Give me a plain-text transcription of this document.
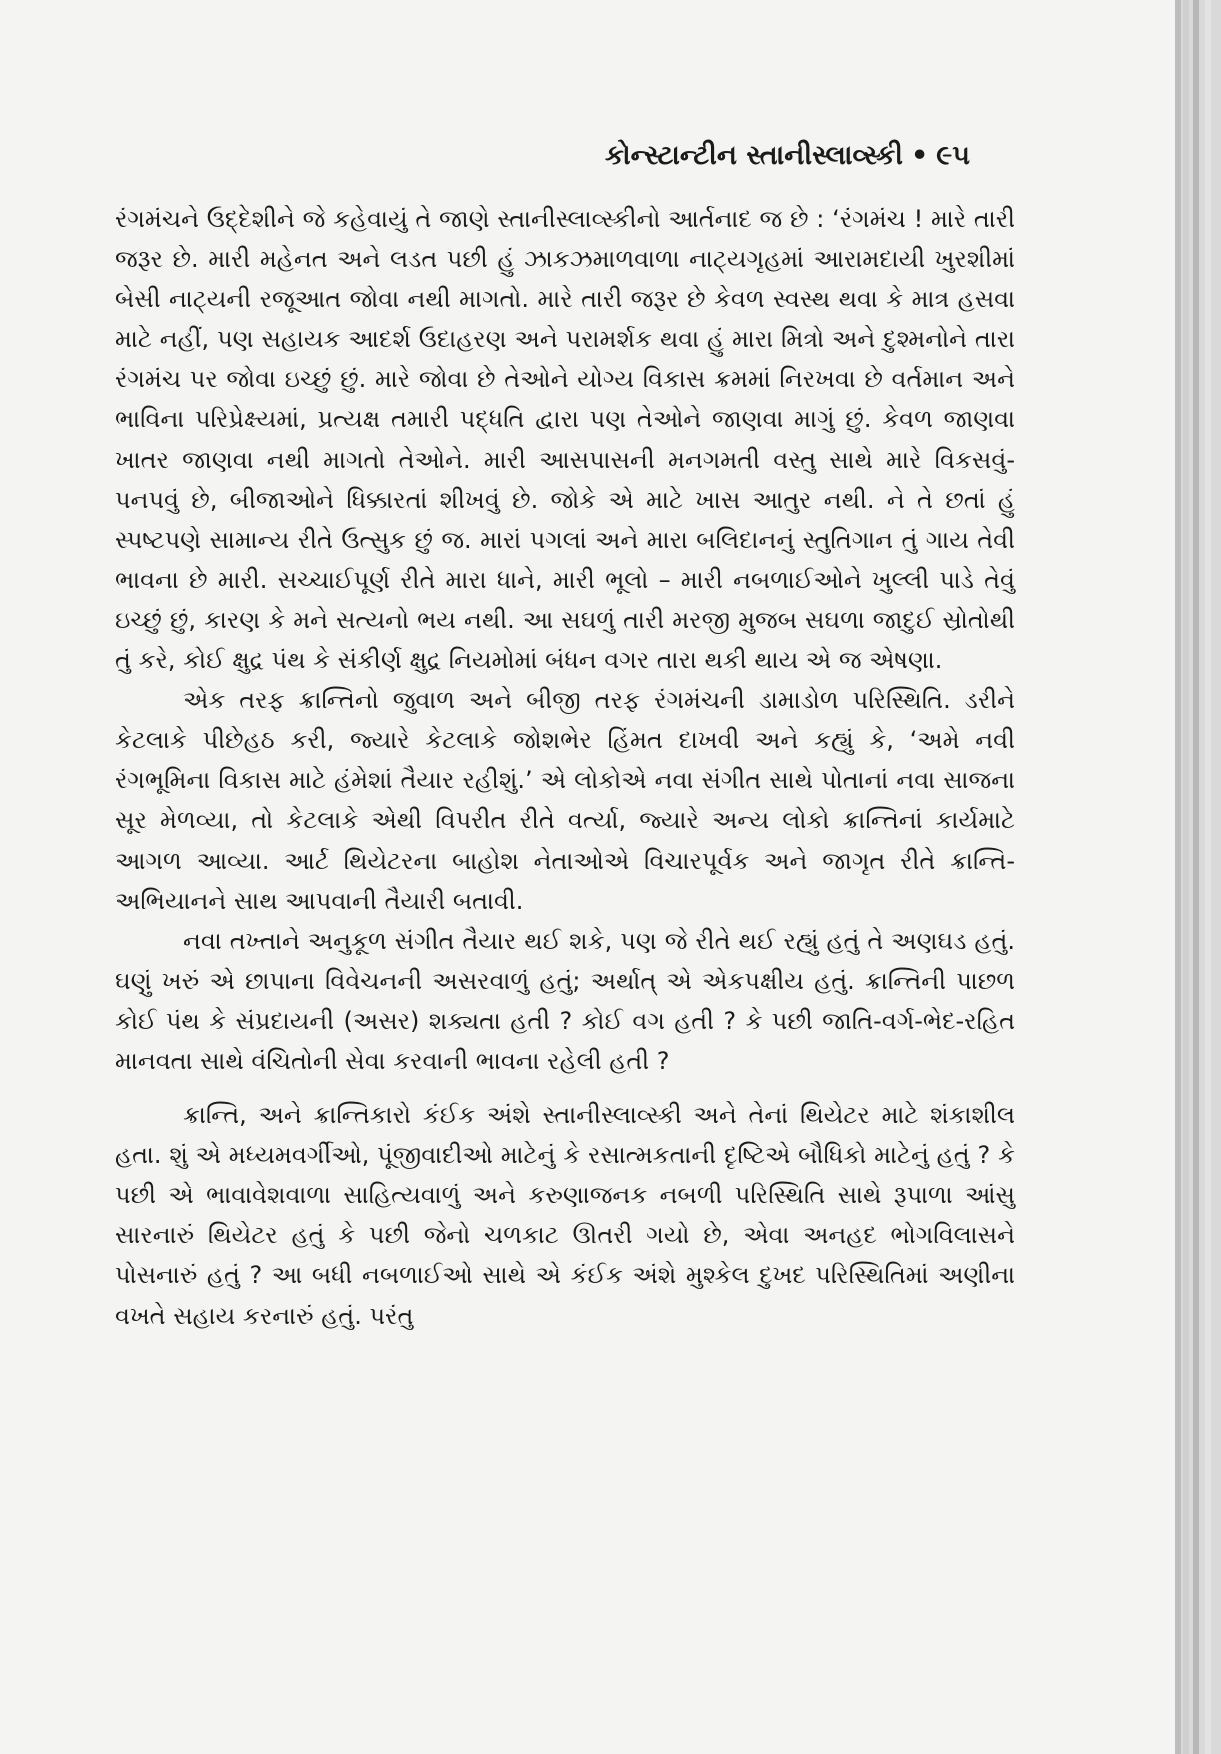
કોન્સ્ટાન્ટીન સ્તાનીસ્લાવ્સ્કી • ૯૫

રંગમંચને ઉદ્દેશીને જે કહેવાયું તે જાણે સ્તાનીસ્લાવ્સ્કીનો આર્તનાદ જ છે : ‘રંગમંચ ! મારે તારી જરૂર છે. મારી મહેનત અને લડત પછી હું ઝાકઝમાળવાળા નાટ્યગૃહમાં આરામદાયી ખુરશીમાં બેસી નાટ્યની રજૂઆત જોવા નથી માગતો. મારે તારી જરૂર છે કેવળ સ્વસ્થ થવા કે માત્ર હસવા માટે નહીં, પણ સહાયક આદર્શ ઉદાહરણ અને પરામર્શક થવા હું મારા મિત્રો અને દુશ્મનોને તારા રંગમંચ પર જોવા ઇચ્છું છું. મારે જોવા છે તેઓને યોગ્ય વિકાસ ક્રમમાં નિરખવા છે વર્તમાન અને ભાવિના પરિપ્રેક્ષ્યમાં, પ્રત્યક્ષ તમારી પદ્ધતિ દ્વારા પણ તેઓને જાણવા માગું છું. કેવળ જાણવા ખાતર જાણવા નથી માગતો તેઓને. મારી આસપાસની મનગમતી વસ્તુ સાથે મારે વિકસવું-પનપવું છે, બીજાઓને ધિક્કારતાં શીખવું છે. જોકે એ માટે ખાસ આતુર નથી. ને તે છતાં હું સ્પષ્ટપણે સામાન્ય રીતે ઉત્સુક છું જ. મારાં પગલાં અને મારા બલિદાનનું સ્તુતિગાન તું ગાય તેવી ભાવના છે મારી. સચ્ચાઈપૂર્ણ રીતે મારા ધાને, મારી ભૂલો – મારી નબળાઈઓને ખુલ્લી પાડે તેવું ઇચ્છું છું, કારણ કે મને સત્યનો ભય નથી. આ સઘળું તારી મરજી મુજબ સઘળા જાદુઈ સ્રોતોથી તું કરે, કોઈ ક્ષુદ્ર પંથ કે સંકીર્ણ ક્ષુદ્ર નિયમોમાં બંધન વગર તારા થકી થાય એ જ એષણા.

એક તરફ ક્રાન્તિનો જુવાળ અને બીજી તરફ રંગમંચની ડામાડોળ પરિસ્થિતિ. ડરીને કેટલાકે પીછેહઠ કરી, જ્યારે કેટલાકે જોશભેર હિંમત દાખવી અને કહ્યું કે, ‘અમે નવી રંગભૂમિના વિકાસ માટે હંમેશાં તૈયાર રહીશું.’ એ લોકોએ નવા સંગીત સાથે પોતાનાં નવા સાજના સૂર મેળવ્યા, તો કેટલાકે એથી વિપરીત રીતે વર્ત્યા, જ્યારે અન્ય લોકો ક્રાન્તિનાં કાર્યમાટે આગળ આવ્યા. આર્ટ થિયેટરના બાહોશ નેતાઓએ વિચારપૂર્વક અને જાગૃત રીતે ક્રાન્તિ-અભિયાનને સાથ આપવાની તૈયારી બતાવી.

નવા તખ્તાને અનુકૂળ સંગીત તૈયાર થઈ શકે, પણ જે રીતે થઈ રહ્યું હતું તે અણઘડ હતું. ઘણું ખરું એ છાપાના વિવેચનની અસરવાળું હતું; અર્થાત્ એ એકપક્ષીય હતું. ક્રાન્તિની પાછળ કોઈ પંથ કે સંપ્રદાયની (અસર) શક્યતા હતી ? કોઈ વગ હતી ? કે પછી જાતિ-વર્ગ-ભેદ-રહિત માનવતા સાથે વંચિતોની સેવા કરવાની ભાવના રહેલી હતી ?

ક્રાન્તિ, અને ક્રાન્તિકારો કંઈક અંશે સ્તાનીસ્લાવ્સ્કી અને તેનાં થિયેટર માટે શંકાશીલ હતા. શું એ મધ્યમવર્ગીઓ, પૂંજીવાદીઓ માટેનું કે રસાત્મકતાની દૃષ્ટિએ બૌધિકો માટેનું હતું ? કે પછી એ ભાવાવેશવાળા સાહિત્યવાળું અને કરુણાજનક નબળી પરિસ્થિતિ સાથે રૂપાળા આંસુ સારનારું થિયેટર હતું કે પછી જેનો ચળકાટ ઊતરી ગયો છે, એવા અનહદ ભોગવિલાસને પોસનારું હતું ? આ બધી નબળાઈઓ સાથે એ કંઈક અંશે મુશ્કેલ દુખદ પરિસ્થિતિમાં અણીના વખતે સહાય કરનારું હતું. પરંતુ
